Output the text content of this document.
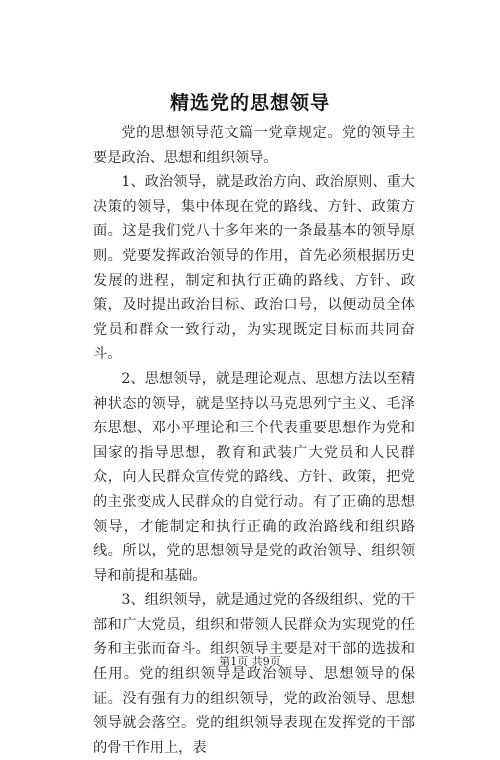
精选党的思想领导

党的思想领导范文篇一党章规定。党的领导主要是政治、思想和组织领导。

1、政治领导，就是政治方向、政治原则、重大决策的领导，集中体现在党的路线、方针、政策方面。这是我们党八十多年来的一条最基本的领导原则。党要发挥政治领导的作用，首先必须根据历史发展的进程，制定和执行正确的路线、方针、政策，及时提出政治目标、政治口号，以便动员全体党员和群众一致行动，为实现既定目标而共同奋斗。

2、思想领导，就是理论观点、思想方法以至精神状态的领导，就是坚持以马克思列宁主义、毛泽东思想、邓小平理论和三个代表重要思想作为党和国家的指导思想，教育和武装广大党员和人民群众，向人民群众宣传党的路线、方针、政策，把党的主张变成人民群众的自觉行动。有了正确的思想领导，才能制定和执行正确的政治路线和组织路线。所以，党的思想领导是党的政治领导、组织领导和前提和基础。

3、组织领导，就是通过党的各级组织、党的干部和广大党员，组织和带领人民群众为实现党的任务和主张而奋斗。组织领导主要是对干部的选拔和任用。党的组织领导是政治领导、思想领导的保证。没有强有力的组织领导，党的政治领导、思想领导就会落空。党的组织领导表现在发挥党的干部的骨干作用上，表

第1页 共9页
